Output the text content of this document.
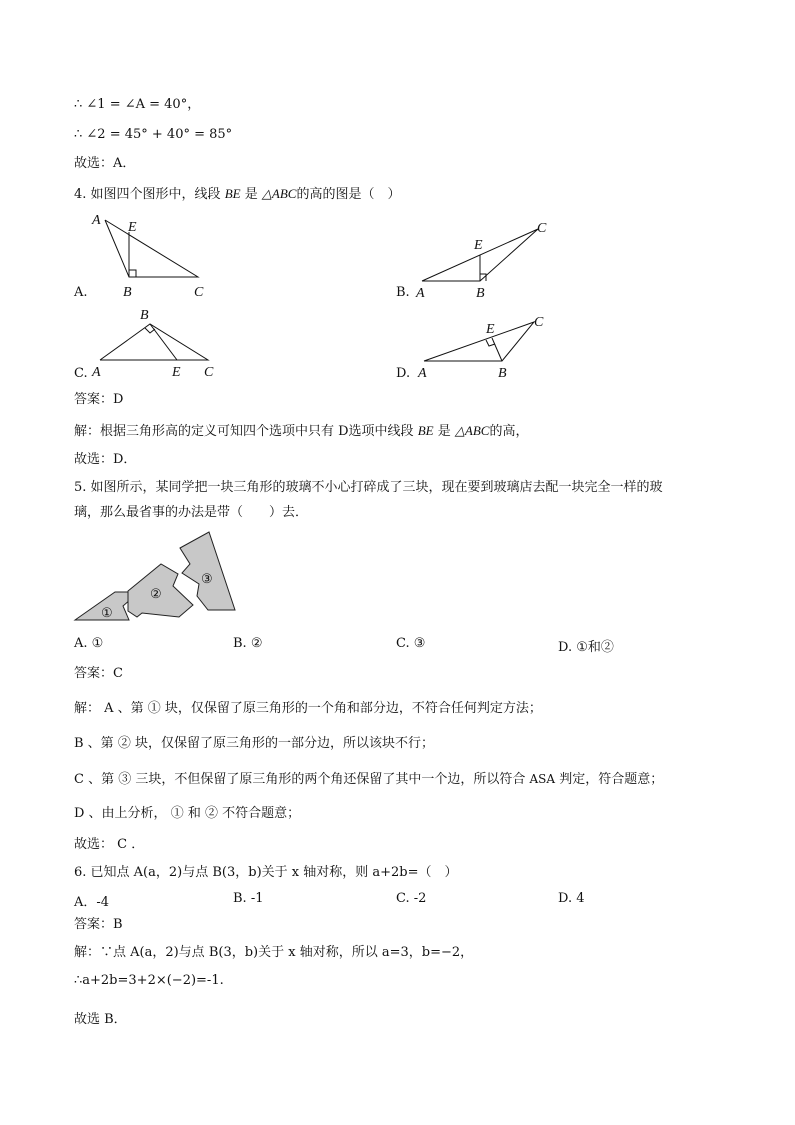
∴ ∠1 = ∠A = 40°，
∴ ∠2 = 45° + 40° = 85°
故选：A．
4. 如图四个图形中，线段 BE 是 △ABC的高的图是（　）
A.
A E
B	C	B.
E
C
A	B
C.
B
A	E C	D.
E	C
A	B
答案：D
解：根据三角形高的定义可知四个选项中只有 D选项中线段 BE 是 △ABC的高，
故选：D．
5. 如图所示，某同学把一块三角形的玻璃不小心打碎成了三块，现在要到玻璃店去配一块完全一样的玻
璃，那么最省事的办法是带（　　）去．
①
②
③
A. ①	B. ②	C. ③	D. ①和②
答案：C
解： A 、第 ① 块，仅保留了原三角形的一个角和部分边，不符合任何判定方法；
B 、第 ② 块，仅保留了原三角形的一部分边，所以该块不行；
C 、第 ③ 三块，不但保留了原三角形的两个角还保留了其中一个边，所以符合 ASA 判定，符合题意；
D 、由上分析， ① 和 ② 不符合题意；
故选： C ．
6. 已知点 A(a，2)与点 B(3，b)关于 x 轴对称，则 a+2b=（　）
A．-4	B. -1	C. -2	D. 4
答案：B
解：∵点 A(a，2)与点 B(3，b)关于 x 轴对称，所以 a=3，b=−2，
∴a+2b=3+2×(−2)=-1.
故选 B．
